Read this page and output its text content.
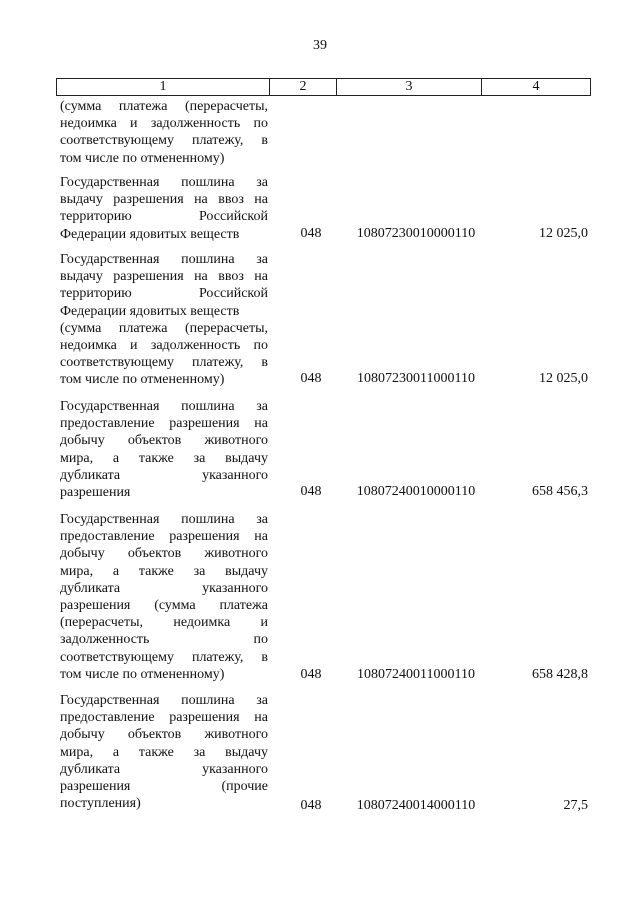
39
1	2	3	4
(сумма платежа (перерасчеты,
недоимка и задолженность по
соответствующему платежу, в
том числе по отмененному)
Государственная пошлина за
выдачу разрешения на ввоз на
территорию Российской
Федерации ядовитых веществ	048	10807230010000110	12 025,0
Государственная пошлина за
выдачу разрешения на ввоз на
территорию Российской
Федерации ядовитых веществ
(сумма платежа (перерасчеты,
недоимка и задолженность по
соответствующему платежу, в
том числе по отмененному)	048	10807230011000110	12 025,0
Государственная пошлина за
предоставление разрешения на
добычу объектов животного
мира, а также за выдачу
дубликата указанного
разрешения	048	10807240010000110	658 456,3
Государственная пошлина за
предоставление разрешения на
добычу объектов животного
мира, а также за выдачу
дубликата указанного
разрешения (сумма платежа
(перерасчеты, недоимка и
задолженность по
соответствующему платежу, в
том числе по отмененному)	048	10807240011000110	658 428,8
Государственная пошлина за
предоставление разрешения на
добычу объектов животного
мира, а также за выдачу
дубликата указанного
разрешения (прочие
поступления)	048	10807240014000110	27,5
